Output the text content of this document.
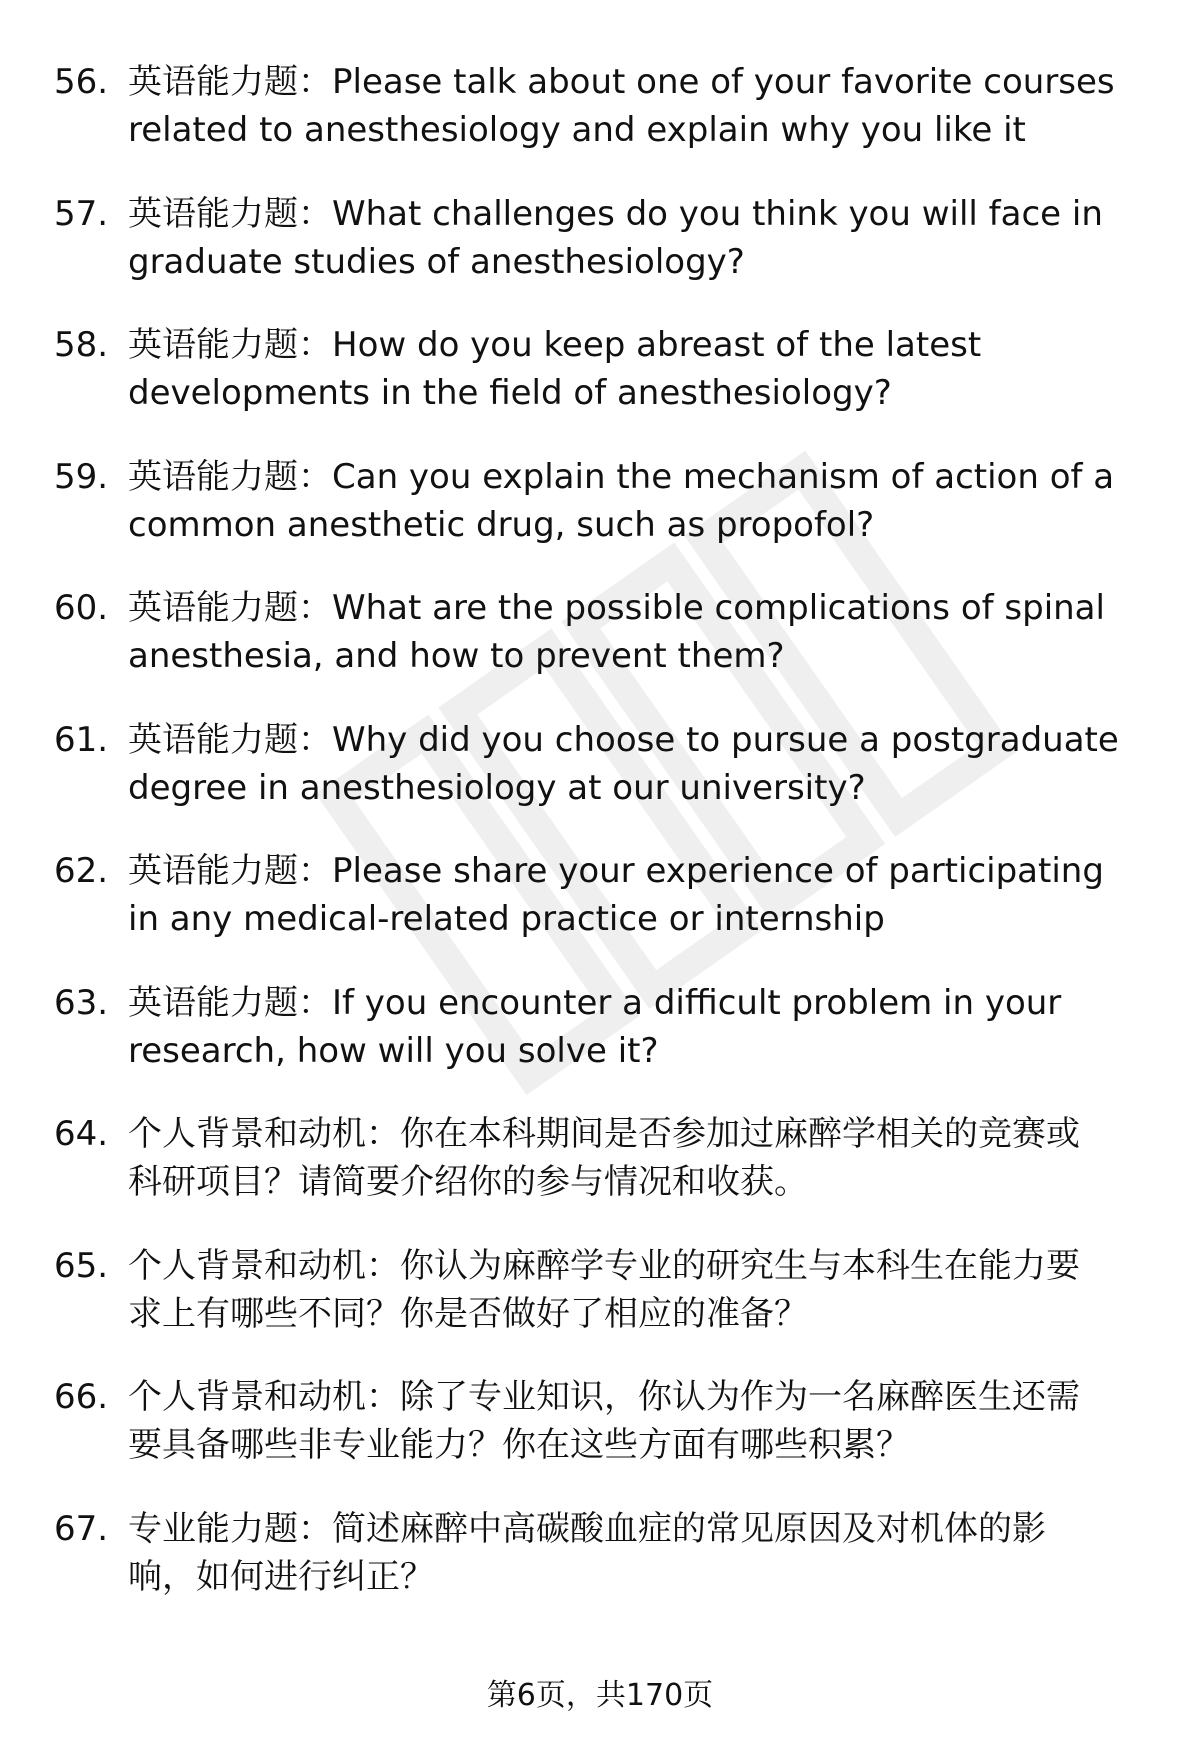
56. 英语能力题：Please talk about one of your favorite courses
related to anesthesiology and explain why you like it
57. 英语能力题：What challenges do you think you will face in
graduate studies of anesthesiology?
58. 英语能力题：How do you keep abreast of the latest
developments in the field of anesthesiology?
59. 英语能力题：Can you explain the mechanism of action of a
common anesthetic drug, such as propofol?
60. 英语能力题：What are the possible complications of spinal
anesthesia, and how to prevent them?
61. 英语能力题：Why did you choose to pursue a postgraduate
degree in anesthesiology at our university?
62. 英语能力题：Please share your experience of participating
in any medical-related practice or internship
63. 英语能力题：If you encounter a difficult problem in your
research, how will you solve it?
64. 个人背景和动机：你在本科期间是否参加过麻醉学相关的竞赛或
科研项目？请简要介绍你的参与情况和收获。
65. 个人背景和动机：你认为麻醉学专业的研究生与本科生在能力要
求上有哪些不同？你是否做好了相应的准备？
66. 个人背景和动机：除了专业知识，你认为作为一名麻醉医生还需
要具备哪些非专业能力？你在这些方面有哪些积累？
67. 专业能力题：简述麻醉中高碳酸血症的常见原因及对机体的影
响，如何进行纠正？
第6页，共170页
